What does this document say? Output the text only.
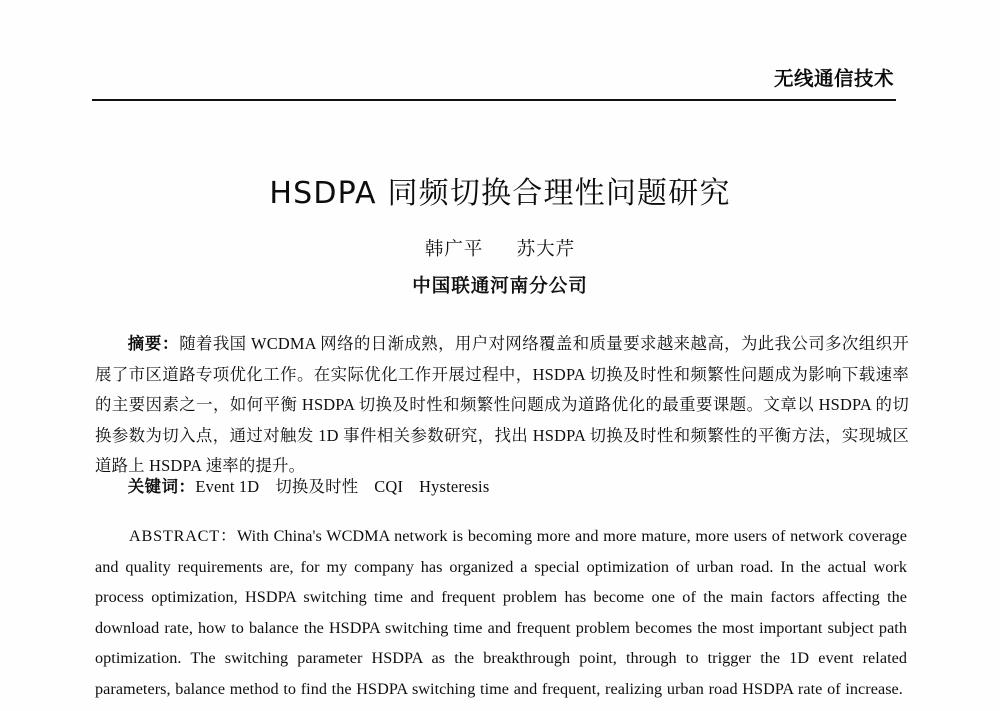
无线通信技术
HSDPA 同频切换合理性问题研究
韩广平 苏大芹
中国联通河南分公司

摘要：随着我国 WCDMA 网络的日渐成熟，用户对网络覆盖和质量要求越来越高，为此我公司多次组织开展了市区道路专项优化工作。在实际优化工作开展过程中，HSDPA 切换及时性和频繁性问题成为影响下载速率的主要因素之一，如何平衡 HSDPA 切换及时性和频繁性问题成为道路优化的最重要课题。文章以 HSDPA 的切换参数为切入点，通过对触发 1D 事件相关参数研究，找出 HSDPA 切换及时性和频繁性的平衡方法，实现城区道路上 HSDPA 速率的提升。

关键词：Event 1D 切换及时性 CQI Hysteresis

ABSTRACT：With China's WCDMA network is becoming more and more mature, more users of network coverage and quality requirements are, for my company has organized a special optimization of urban road. In the actual work process optimization, HSDPA switching time and frequent problem has become one of the main factors affecting the download rate, how to balance the HSDPA switching time and frequent problem becomes the most important subject path optimization. The switching parameter HSDPA as the breakthrough point, through to trigger the 1D event related parameters, balance method to find the HSDPA switching time and frequent, realizing urban road HSDPA rate of increase.
